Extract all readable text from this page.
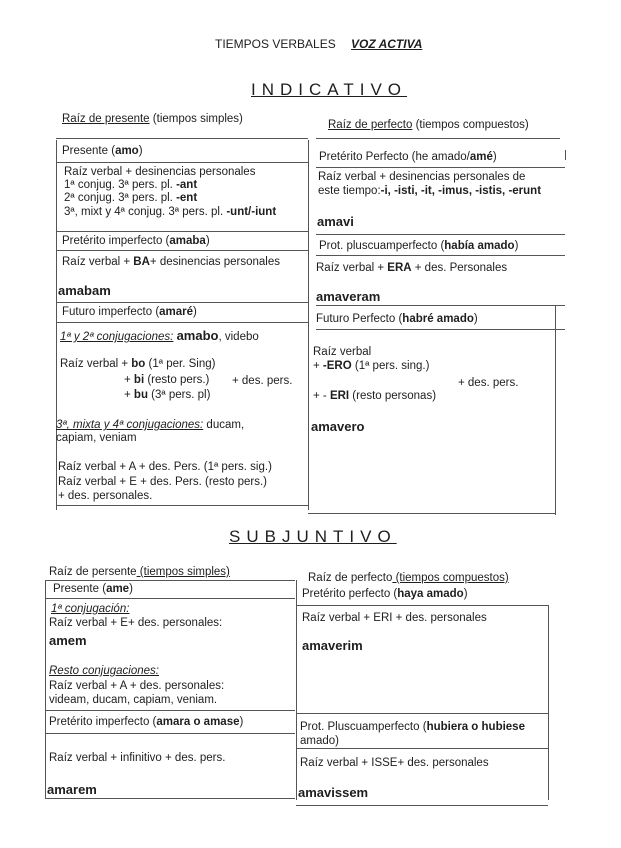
TIEMPOS VERBALES VOZ ACTIVA
INDICATIVO
Raíz de presente (tiempos simples)	Raíz de perfecto (tiempos compuestos)
Presente (amo)
Raíz verbal + desinencias personales
1ª conjug. 3ª pers. pl. -ant
2ª conjug. 3ª pers. pl. -ent
3ª, mixt y 4ª conjug. 3ª pers. pl. -unt/-iunt
Pretérito imperfecto (amaba)
Raíz verbal + BA+ desinencias personales
amabam
Futuro imperfecto (amaré)
1ª y 2ª conjugaciones: amabo, videbo
Raíz verbal + bo (1ª per. Sing)
+ bi (resto pers.) + des. pers.
+ bu (3ª pers. pl)
3ª, mixta y 4ª conjugaciones: ducam,
capiam, veniam
Raíz verbal + A + des. Pers. (1ª pers. sig.)
Raíz verbal + E + des. Pers. (resto pers.)
+ des. personales.
Pretérito Perfecto (he amado/amé)
Raíz verbal + desinencias personales de
este tiempo:-i, -isti, -it, -imus, -istis, -erunt
amavi
Prot. pluscuamperfecto (había amado)
Raíz verbal + ERA + des. Personales
amaveram
Futuro Perfecto (habré amado)
Raíz verbal
+ -ERO (1ª pers. sing.)
+ des. pers.
+ - ERI (resto personas)
amavero
SUBJUNTIVO
Raíz de persente (tiempos simples)	Raíz de perfecto (tiempos compuestos)
Presente (ame)
1ª conjugación:
Raíz verbal + E+ des. personales:
amem
Resto conjugaciones:
Raíz verbal + A + des. personales:
videam, ducam, capiam, veniam.
Pretérito imperfecto (amara o amase)
Raíz verbal + infinitivo + des. pers.
amarem
Pretérito perfecto (haya amado)
Raíz verbal + ERI + des. personales
amaverim
Prot. Pluscuamperfecto (hubiera o hubiese
amado)
Raíz verbal + ISSE+ des. personales
amavissem
